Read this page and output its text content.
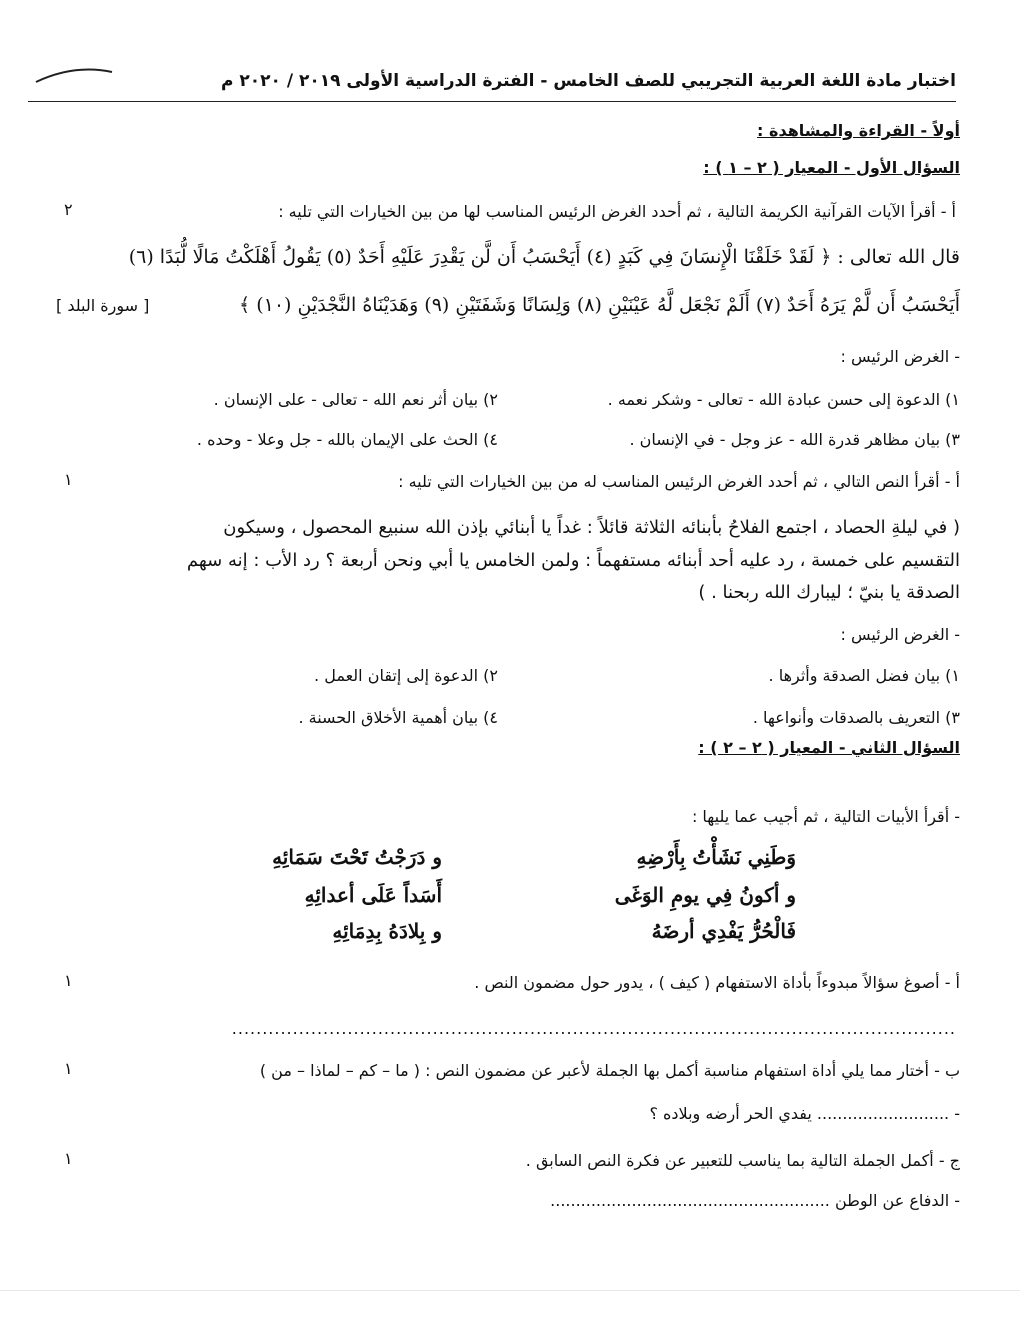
اختبار مادة اللغة العربية التجريبي للصف الخامس - الفترة الدراسية الأولى ٢٠١٩ / ٢٠٢٠ م
أولاً - القراءة والمشاهدة :
السؤال الأول - المعيار ( ٢ – ١ ) :
أ - أقرأ الآيات القرآنية الكريمة التالية ، ثم أحدد الغرض الرئيس المناسب لها من بين الخيارات التي تليه :
٢
قال الله تعالى : ﴿ لَقَدْ خَلَقْنَا الْإِنسَانَ فِي كَبَدٍ (٤) أَيَحْسَبُ أَن لَّن يَقْدِرَ عَلَيْهِ أَحَدٌ (٥) يَقُولُ أَهْلَكْتُ مَالًا لُّبَدًا (٦)
أَيَحْسَبُ أَن لَّمْ يَرَهُ أَحَدٌ (٧) أَلَمْ نَجْعَل لَّهُ عَيْنَيْنِ (٨) وَلِسَانًا وَشَفَتَيْنِ (٩) وَهَدَيْنَاهُ النَّجْدَيْنِ (١٠) ﴾
[ سورة البلد ]
- الغرض الرئيس :
١) الدعوة إلى حسن عبادة الله - تعالى - وشكر نعمه .
٢) بيان أثر نعم الله - تعالى - على الإنسان .
٣) بيان مظاهر قدرة الله - عز وجل - في الإنسان .
٤) الحث على الإيمان بالله - جل وعلا - وحده .
أ - أقرأ النص التالي ، ثم أحدد الغرض الرئيس المناسب له من بين الخيارات التي تليه :
١
( في ليلةِ الحصاد ، اجتمع الفلاحُ بأبنائه الثلاثة قائلاً : غداً يا أبنائي بإذن الله سنبيع المحصول ، وسيكون
التقسيم على خمسة ، رد عليه أحد أبنائه مستفهماً : ولمن الخامس يا أبي ونحن أربعة ؟ رد الأب : إنه سهم
الصدقة يا بنيّ ؛ ليبارك الله ربحنا . )
- الغرض الرئيس :
١) بيان فضل الصدقة وأثرها .
٢) الدعوة إلى إتقان العمل .
٣) التعريف بالصدقات وأنواعها .
٤) بيان أهمية الأخلاق الحسنة .
السؤال الثاني - المعيار ( ٢ – ٢ ) :
- أقرأ الأبيات التالية ، ثم أجيب عما يليها :
وَطَنِي نَشَأْتُ بِأَرْضِهِ
و دَرَجْتُ تَحْتَ سَمَائِهِ
و أكونُ فِي يومِ الوَغَى
أَسَداً عَلَى أعدائِهِ
فَالْحُرُّ يَفْدِي أرضَهُ
و بِلادَهُ بِدِمَائِهِ
أ - أصوغ سؤالاً مبدوءاً بأداة الاستفهام ( كيف ) ، يدور حول مضمون النص .
١
.......................................................................................................................
ب - أختار مما يلي أداة استفهام مناسبة أكمل بها الجملة لأعبر عن مضمون النص : ( ما – كم – لماذا – من )
١
- .......................... يفدي الحر أرضه وبلاده ؟
ج - أكمل الجملة التالية بما يناسب للتعبير عن فكرة النص السابق .
١
- الدفاع عن الوطن .......................................................
